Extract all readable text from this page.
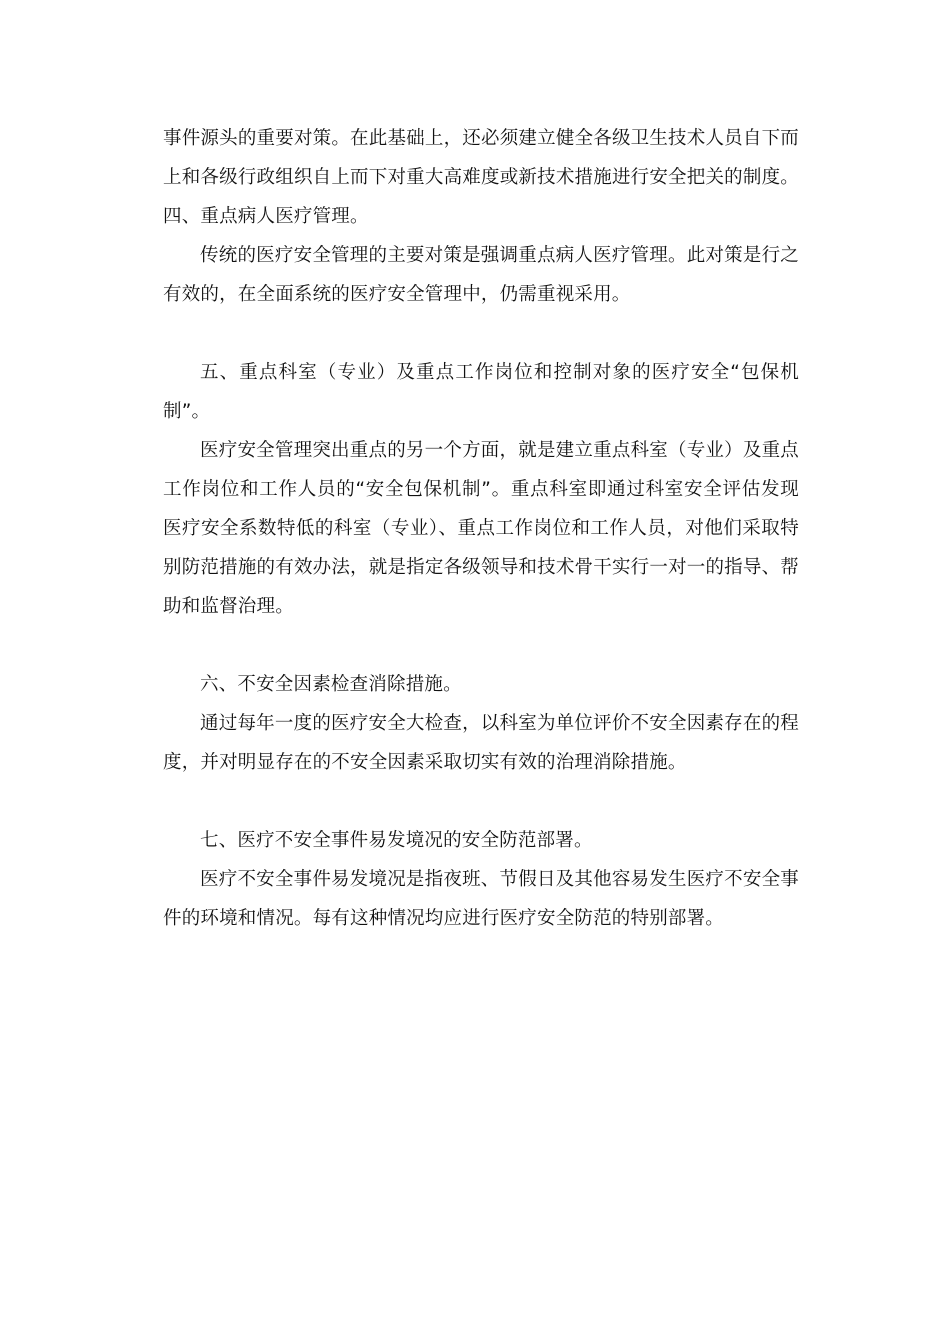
事件源头的重要对策。在此基础上，还必须建立健全各级卫生技术人员自下而上和各级行政组织自上而下对重大高难度或新技术措施进行安全把关的制度。四、重点病人医疗管理。

传统的医疗安全管理的主要对策是强调重点病人医疗管理。此对策是行之有效的，在全面系统的医疗安全管理中，仍需重视采用。

五、重点科室（专业）及重点工作岗位和控制对象的医疗安全“包保机制”。

医疗安全管理突出重点的另一个方面，就是建立重点科室（专业）及重点工作岗位和工作人员的“安全包保机制”。重点科室即通过科室安全评估发现医疗安全系数特低的科室（专业）、重点工作岗位和工作人员，对他们采取特别防范措施的有效办法，就是指定各级领导和技术骨干实行一对一的指导、帮助和监督治理。

六、不安全因素检查消除措施。

通过每年一度的医疗安全大检查，以科室为单位评价不安全因素存在的程度，并对明显存在的不安全因素采取切实有效的治理消除措施。

七、医疗不安全事件易发境况的安全防范部署。

医疗不安全事件易发境况是指夜班、节假日及其他容易发生医疗不安全事件的环境和情况。每有这种情况均应进行医疗安全防范的特别部署。
